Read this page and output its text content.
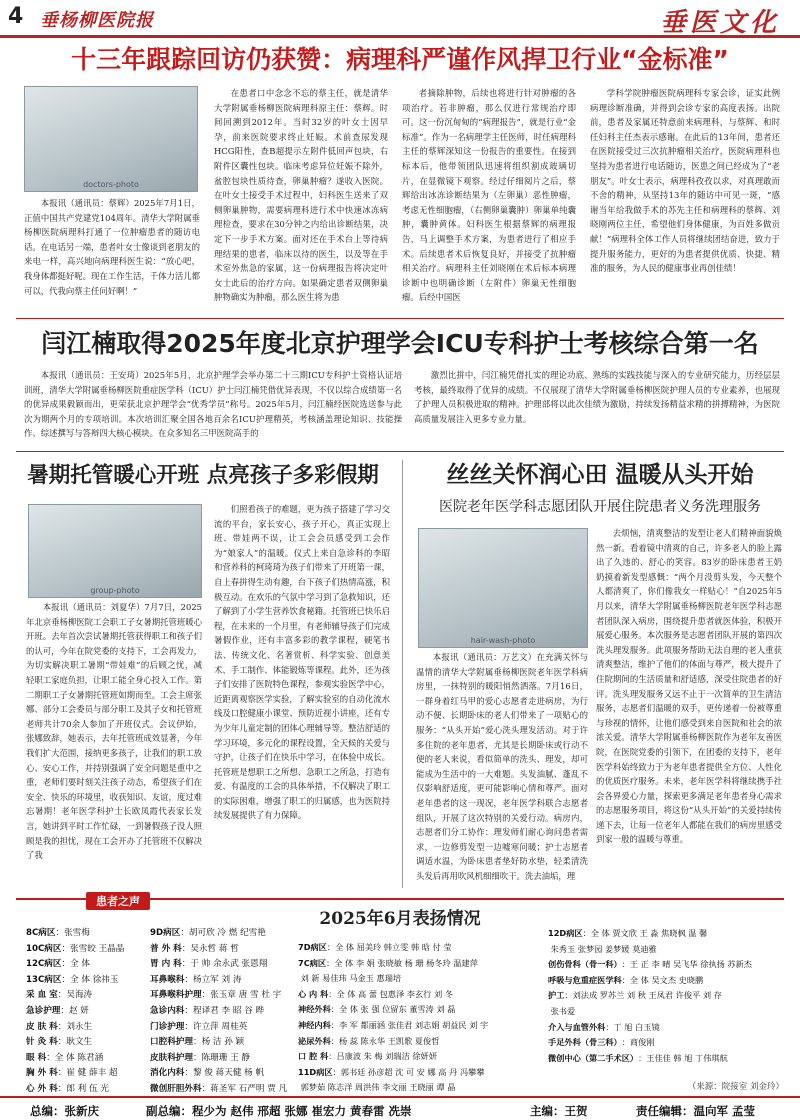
4 垂杨柳医院报	垂医文化
十三年跟踪回访仍获赞：病理科严谨作风捍卫行业“金标准”
doctors-photo

本报讯（通讯员：蔡辉）2025年7月1日，正值中国共产党建党104周年。清华大学附属垂杨柳医院病理科打通了一位肿瘤患者的随访电话。在电话另一端，患者叶女士像谈到老朋友的来电一样，高兴地向病理科医生说：“放心吧，我身体都挺好呢。现在工作生活，千体力活儿都可以，代我向蔡主任问好啊！”

在患者口中念念不忘的蔡主任，就是清华大学附属垂杨柳医院病理科原主任：蔡辉。时间回溯到2012年。当时32岁的叶女士因早孕，前来医院要求终止妊娠。术前查尿发现HCG阳性，查B超提示左附件低回声包块，右附件区囊性包块。临床考虑异位妊娠不除外，盆腔包块性质待查，卵巢肿瘤？遂收入医院。在叶女士接受手术过程中，妇科医生送来了双侧卵巢肿物，需要病理科进行术中快速冰冻病理检查，要求在30分钟之内给出诊断结果，决定下一步手术方案。面对还在手术台上等待病理结果的患者，临床以待的医生，以及等在手术室外焦急的家属，这一份病理报告将决定叶女士此后的治疗方向。如果确定患者双侧卵巢肿物确实为肿瘤，那么医生将为患

者摘除肿物，后续也将进行针对肿瘤的各项治疗。若非肿瘤，那么仅进行常规治疗即可。这一份沉甸甸的“病理报告”，就是行业“金标准”。作为一名病理学主任医师，时任病理科主任的蔡辉深知这一份报告的重要性。在接到标本后，他带领团队迅速将组织割成玻璃切片，在显微镜下观察。经过仔细阅片之后，蔡辉给出冰冻诊断结果为（左卵巢）恶性肿瘤，考虑无性细胞瘤，（右侧卵巢囊肿）卵巢单纯囊肿，囊肿黄体。妇科医生根据蔡辉的病理报告，马上调整手术方案，为患者进行了相应手术。后续患者术后恢复良好，并接受了抗肿瘤相关治疗。病理科主任刘晓刚在术后标本病理诊断中也明确诊断（左附件）卵巢无性细胞瘤。后经中国医

学科学院肿瘤医院病理科专家会诊，证实此例病理诊断准确，并得到会诊专家的高度表扬。出院前，患者及家属还特意前来病理科，与蔡辉、和时任妇科主任杰表示感谢。在此后的13年间，患者还在医院接受过三次抗肿瘤相关治疗，医院病理科也坚持为患者进行电话随访，医患之间已经成为了“老朋友”。叶女士表示，病理科孜孜以求，对真理敢而不舍的精神，从坚持13年的随访中可见一斑，“感谢当年给我做手术的苏先主任和病理科的蔡辉、刘晓刚两位主任，希望他们身体健康，为百姓多做贡献！”病理科全体工作人员将继续团结奋进，致力于提升服务能力，更好的为患者提供优质、快捷、精准的服务，为人民的健康事业再创佳绩！

闫江楠取得2025年度北京护理学会ICU专科护士考核综合第一名

本报讯（通讯员：王安琦）2025年5月，北京护理学会举办第二十三期ICU专科护士资格认证培训班，清华大学附属垂杨柳医院重症医学科（ICU）护士闫江楠凭借优异表现，不仅以综合成绩第一名的优异成果毅颖而出，更荣获北京护理学会“优秀学员”称号。2025年5月，闫江楠经医院选送参与此次为期两个月的专项培训。本次培训汇聚全国各地百余名ICU护理精英，考核涵盖理论知识、技能操作、综述撰写与答辩四大核心模块。在众多知名三甲医院高手的

激烈比拼中，闫江楠凭借扎实的理论功底、熟练的实践技能与深入的专业研究能力，历经层层考核，最终取得了优异的成绩。不仅展现了清华大学附属垂杨柳医院护理人员的专业素养，也展现了护理人员积极进取的精神。护理部将以此次佳绩为激励，持续发扬精益求精的拼搏精神，为医院高质量发展注入更多专业力量。

暑期托管暖心开班 点亮孩子多彩假期
group-photo

本报讯（通讯员：刘夏华）7月7日，2025年北京垂杨柳医院工会职工子女暑期托管班暖心开班。去年首次尝试暑期托管获得职工和孩子们的认可，今年在院党委的支持下，工会再发力，为切实解决职工暑期“带娃难”的后顾之忧，减轻职工家庭负担，让职工能全身心投入工作。第二期职工子女暑期托管班如期而至。工会主席张娜、部分工会委员与部分职工及其子女和托管班老师共计70余人参加了开班仪式。会议伊始，张娜致辞，她表示，去年托管班成效显著，今年我们扩大范围，接纳更多孩子，让我们的职工放心、安心工作，并持别强调了安全问题是重中之重，老师们要时刻关注孩子动态，希望孩子们在安全、快乐的环境里，收获知识、友谊，度过难忘暑期！老年医学科护士长欧凤霞代表家长发言，她讲到平时工作忙碌，一到暑假孩子没人照顾是我的担忧，现在工会开办了托管班不仅解决了我

们照看孩子的难题，更为孩子搭建了学习交流的平台，家长安心，孩子开心，真正实现上班、带娃两不误，让工会会员感受到工会作为“娘家人”的温暖。仪式上来自急诊科的李昭和营养科的柯琦琦为孩子们带来了开班第一课，自上春拼得生动有趣，台下孩子们热情高涨，积极互动。在欢乐的气氛中学习到了急救知识，还了解到了小学生营养饮食秘籍。托管班已快乐启程，在未来的一个月里，有老师辅导孩子们完成暑假作业，还有丰富多彩的教学课程，硬笔书法、传统文化、名著赏析、科学实验、创意美术、手工制作、体能锻炼等课程。此外，还为孩子们安排了医院特色课程，参观实验医学中心，近距离观察医学实验，了解实验室的自动化流水线及口腔健康小课堂、预防近视小讲座，还有专为少年儿童定制的团体心理辅导等。整洁舒适的学习环境，多元化的课程设置，全天候的关爱与守护，让孩子们在快乐中学习，在体验中成长。托管班是想职工之所想、急职工之所急，打造有爱、有温度的工会的具体举措，不仅解决了职工的实际困难，增强了职工的归属感，也为医院持续发展提供了有力保障。

丝丝关怀润心田 温暖从头开始
医院老年医学科志愿团队开展住院患者义务洗理服务
hair-wash-photo

本报讯（通讯员：万艺文）在充满关怀与温情的清华大学附属垂杨柳医院老年医学科病房里，一抹特别的暖阳悄然洒落。7月16日，一群身着红马甲的爱心志愿者走进病房，为行动不便、长期卧床的老人们带来了一项贴心的服务：“从头开始”爱心洗头理发活动。对于许多住院的老年患者，尤其是长期卧床或行动不便的老人来说，看似简单的洗头、理发，却可能成为生活中的一大难题。头发油腻、蓬乱不仅影响舒适度，更可能影响心情和尊严。面对老年患者的这一现况，老年医学科联合志愿者组队，开展了这次特别的关爱行动。病房内，志愿者们分工协作：理发师们耐心询问患者需求，一边修剪发型一边嘘寒问暖；护士志愿者调适水温，为卧床患者垫好防水垫，轻柔清洗头发后再用吹风机细细吹干。洗去油垢，理

去烦恼，清爽整洁的发型让老人们精神面貌焕然一新。看着镜中清爽的自己，许多老人的脸上露出了久违的、舒心的笑容。83岁的卧床患者王奶奶摸着新发型感慨：“两个月没剪头发，今天整个人都清爽了，你们像我女一样贴心！”自2025年5月以来，清华大学附属垂杨柳医院老年医学科志愿者团队深入病房，围绕提升患者就医体验，积极开展爱心服务。本次服务是志愿者团队开展的第四次洗头理发服务。此项服务帮助无法自理的老人重获清爽整洁，维护了他们的体面与尊严，极大提升了住院期间的生活质量和舒适感，深受住院患者的好评。洗头理发服务又远不止于一次简单的卫生清洁服务，志愿者们温暖的双手，更传递着一份被尊重与珍视的情怀，让他们感受到来自医院和社会的浓浓关爱。清华大学附属垂杨柳医院作为老年友善医院，在医院党委的引领下，在团委的支持下，老年医学科始终致力于为老年患者提供全方位、人性化的优质医疗服务。未来，老年医学科将继续携手社会各界爱心力量，探索更多满足老年患者身心需求的志愿服务项目，将这份“从头开始”的关爱持续传递下去，让每一位老年人都能在我们的病房里感受到家一般的温暖与尊重。

患者之声
2025年6月表扬情况
8C病区：张雪梅
10C病区：张雪皎 王晶晶
12C病区：全 体
13C病区：全 体 徐祎玉
采 血 室：吴海涛
急诊护理：赵 妍
皮 肤 科：刘永生
针 灸 科：耿文生
眼 科：全 体 陈君涵
胸 外 科：崔 健 薛丰 超
心 外 科：郎 利 伍 光
9D病区：胡可欣 冷 燃 纪雪艳
普 外 科：吴永哲 蒋 哲
胃 内 科：于 帅 余永武 张恩翔
耳鼻喉科：杨立军 刘 涛
耳鼻喉科护理：张玉章 唐 雪 杜 宇
急诊内科：程译君 李 昭 谷 晔
门诊护理：许立萍 周桂英
口腔科护理：杨 洁 孙 颖
皮肤科护理：陈珊珊 王 静
消化内科：黎 俊 蒋天健 杨 帆
微创肝胆外科：蒋圣军 石严明 贾 凡
7D病区：全 体 屈美玲 韩立雯 韩 晗 付 莹
7C病区：全 体 李 娟 张晓敏 杨 珊 杨冬玲 温建萍
刘 新 易佳玮 马金玉 惠瑞培
心 内 科：全 体 高 蕾 包惠泽 李玄行 刘 冬
神经外科：全 体 张 强 位留东 董雪涛 刘 磊
神经内科：李 军 都丽涵 张佳君 刘志娟 胡益民 刘 宇
泌尿外科：杨 蕊 陈永华 王凯歌 夏俊哲
口 腔 科：吕康波 朱 梅 刘瑞洁 徐妍妍
11D病区：郭书廷 孙彦超 沈 可 安 娜 高 丹 冯攀攀
郭梦茹 陈志洋 周洪伟 李文丽 王晓丽 谭 晶
12D病区：全 体 贾文欣 王 淼 焦晓枫 温 馨
朱秀玉 张梦园 姜梦媛 莫迪雅
创伤骨科（骨一科）：王 正 李 晴 吴飞华 徐执扬 苏新杰
呼吸与危重症医学科：全 体 吴文杰 史晓鹏
护工：刘法成 罗苏兰 刘 秋 王凤君 许俊平 刘 存
张书爱
介入与血管外科：丁 旭 白玉镜
手足外科（骨三科）：商俊刚
微创中心（第二手术区）：王佳佳 韩 旭 丁伟琪航
（来源：院接室 刘金玲）
总编：张新庆	副总编：程少为 赵伟 邢超 张娜 崔宏力 黄春雷 冼崇	主编：王贺	责任编辑：温向军 孟莹
